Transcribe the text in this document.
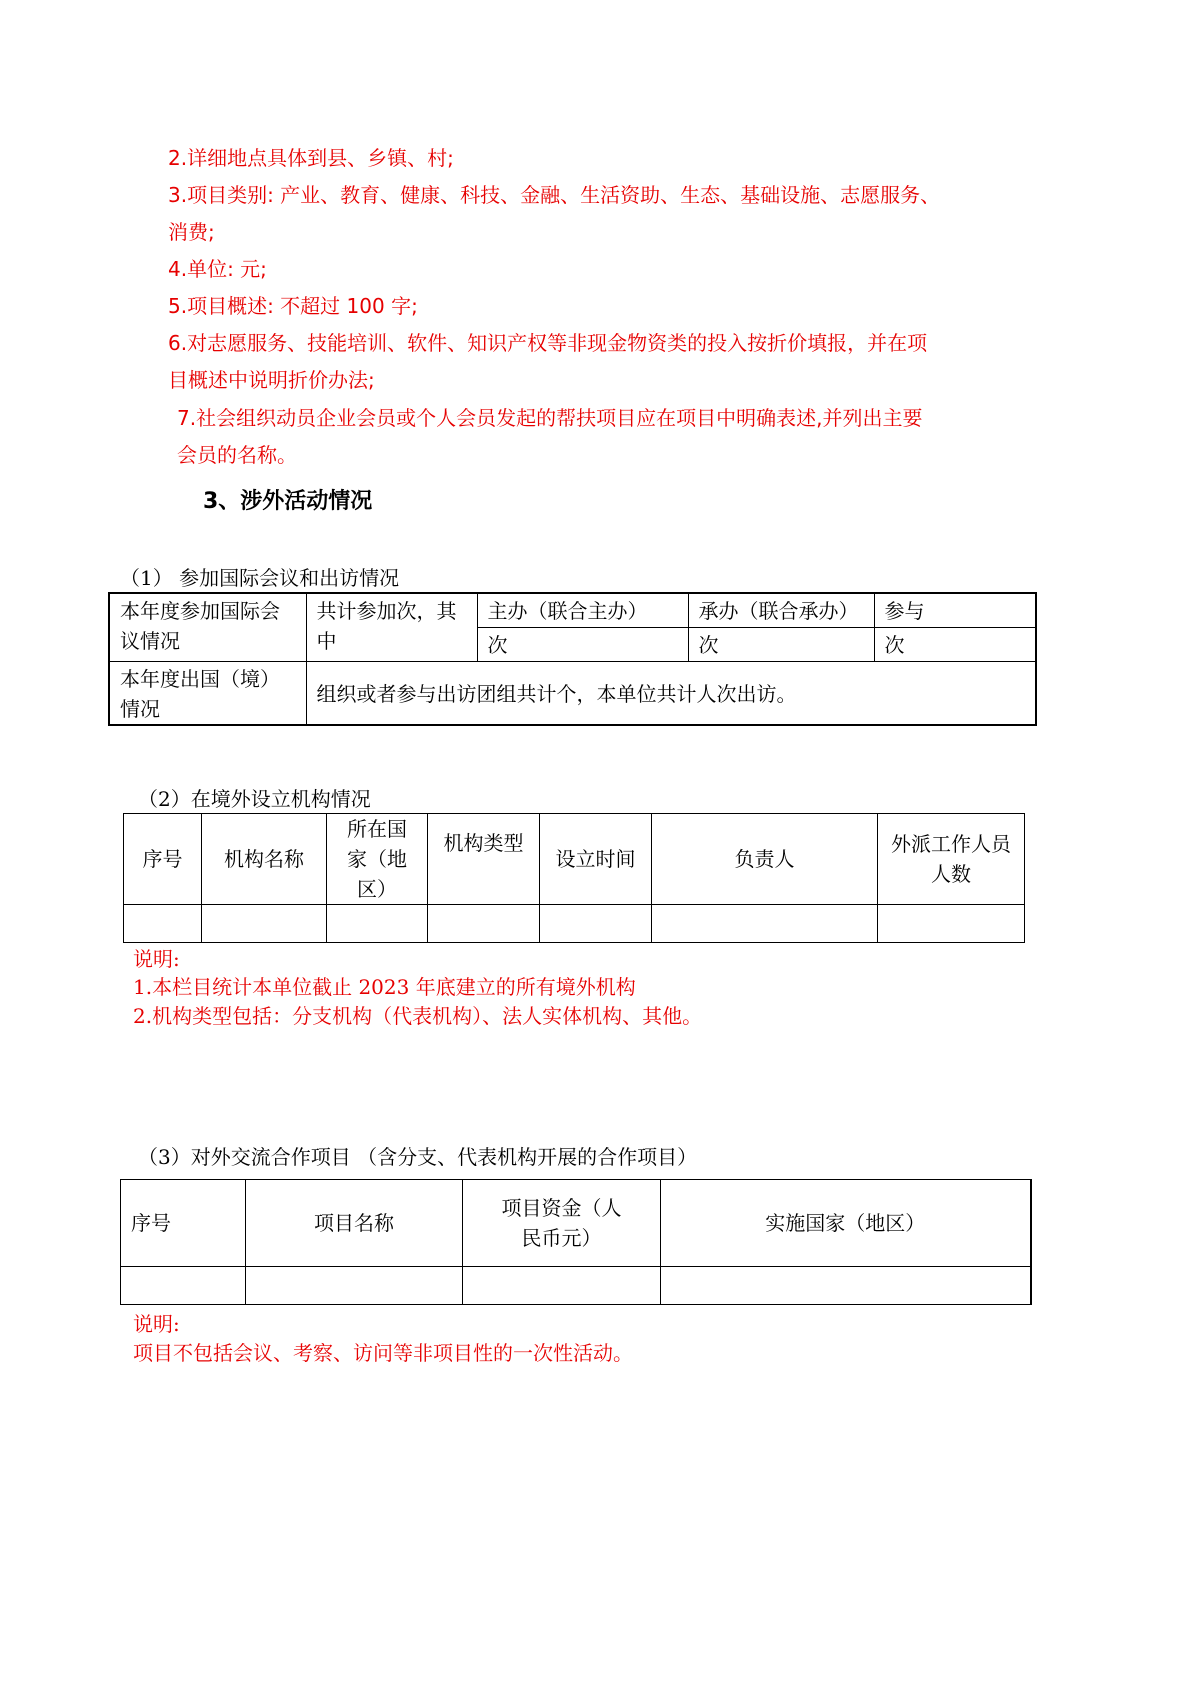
2.详细地点具体到县、乡镇、村;
3.项目类别: 产业、教育、健康、科技、金融、生活资助、生态、基础设施、志愿服务、
消费;
4.单位: 元;
5.项目概述: 不超过 100 字;
6.对志愿服务、技能培训、软件、知识产权等非现金物资类的投入按折价填报，并在项
目概述中说明折价办法;
7.社会组织动员企业会员或个人会员发起的帮扶项目应在项目中明确表述,并列出主要
会员的名称。
3、涉外活动情况
（1） 参加国际会议和出访情况
本年度参加国际会议情况	共计参加次，其中	主办（联合主办）	承办（联合承办）	参与
		次	次	次
本年度出国（境）情况	组织或者参与出访团组共计个，本单位共计人次出访。			
（2）在境外设立机构情况
序号	机构名称	所在国家（地区）	机构类型	设立时间	负责人	外派工作人员人数

说明:
1.本栏目统计本单位截止 2023 年底建立的所有境外机构
2.机构类型包括：分支机构（代表机构）、法人实体机构、其他。
（3）对外交流合作项目 （含分支、代表机构开展的合作项目）
序号	项目名称	项目资金（人民币元）	实施国家（地区）

说明:
项目不包括会议、考察、访问等非项目性的一次性活动。
